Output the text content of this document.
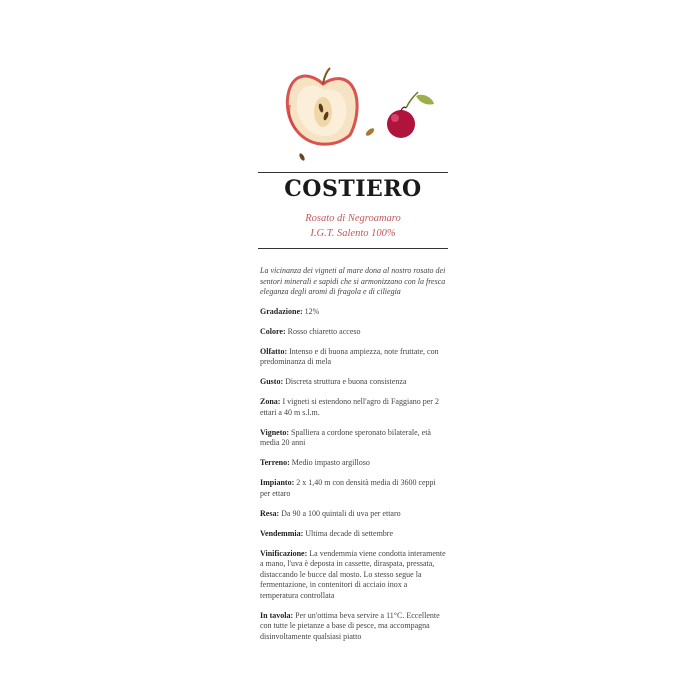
COSTIERO
Rosato di Negroamaro
I.G.T. Salento 100%

La vicinanza dei vigneti al mare dona al nostro rosato dei sentori minerali e sapidi che si armonizzano con la fresca eleganza degli aromi di fragola e di ciliegia

Gradazione: 12%

Colore: Rosso chiaretto acceso

Olfatto: Intenso e di buona ampiezza, note fruttate, con predominanza di mela

Gusto: Discreta struttura e buona consistenza

Zona: I vigneti si estendono nell'agro di Faggiano per 2 ettari a 40 m s.l.m.

Vigneto: Spalliera a cordone speronato bilaterale, età media 20 anni

Terreno: Medio impasto argilloso

Impianto: 2 x 1,40 m con densità media di 3600 ceppi per ettaro

Resa: Da 90 a 100 quintali di uva per ettaro

Vendemmia: Ultima decade di settembre

Vinificazione: La vendemmia viene condotta interamente a mano, l'uva è deposta in cassette, diraspata, pressata, distaccando le bucce dal mosto. Lo stesso segue la fermentazione, in contenitori di acciaio inox a temperatura controllata

In tavola: Per un'ottima beva servire a 11°C. Eccellente con tutte le pietanze a base di pesce, ma accompagna disinvoltamente qualsiasi piatto
